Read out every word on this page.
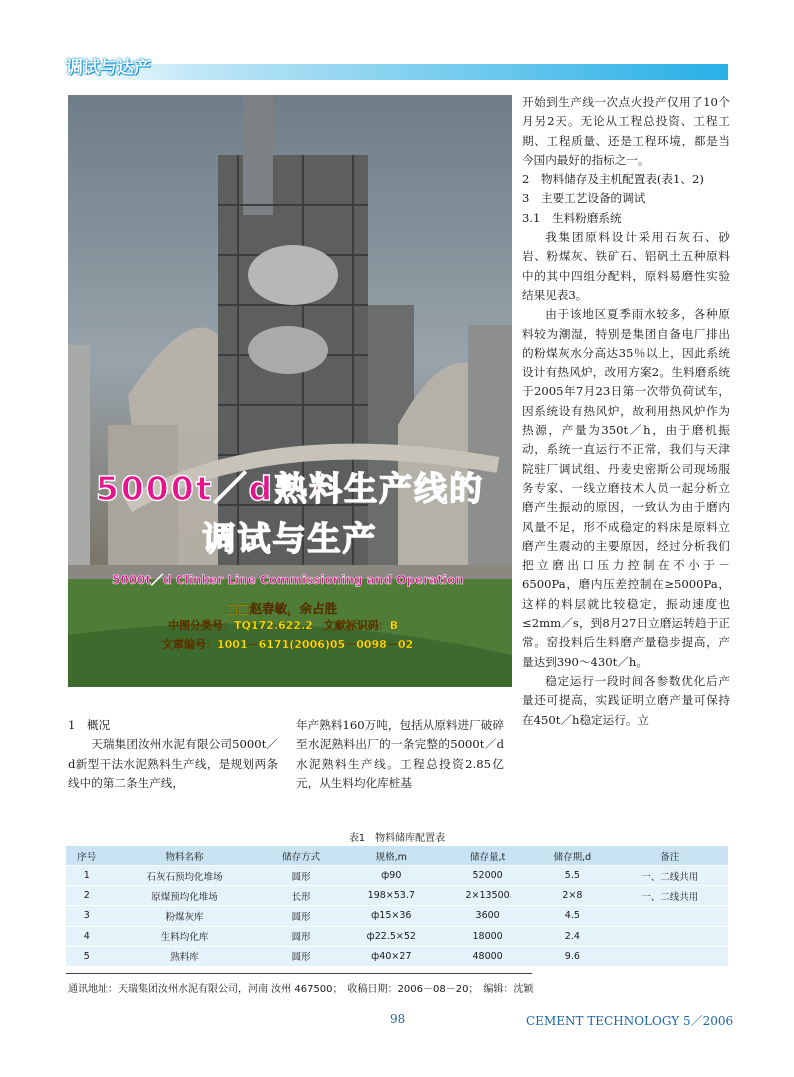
调试与达产
5000t／d熟料生产线的
调试与生产
5000t／d Clinker Line Commissioning and Operation
□□赵春敏，余占胜
中图分类号：TQ172.622.2　文献标识码：B
文章编号：1001－6171(2006)05－0098－02

开始到生产线一次点火投产仅用了10个月另2天。无论从工程总投资、工程工期、工程质量、还是工程环境，都是当今国内最好的指标之一。

2　物料储存及主机配置表(表1、2)

3　主要工艺设备的调试

3.1　生料粉磨系统

我集团原料设计采用石灰石、砂岩、粉煤灰、铁矿石、铝矾土五种原料中的其中四组分配料，原料易磨性实验结果见表3。

由于该地区夏季雨水较多，各种原料较为潮湿，特别是集团自备电厂排出的粉煤灰水分高达35％以上，因此系统设计有热风炉，改用方案2。生料磨系统于2005年7月23日第一次带负荷试车，因系统设有热风炉，故利用热风炉作为热源，产量为350t／h，由于磨机振动，系统一直运行不正常，我们与天津院驻厂调试组、丹麦史密斯公司现场服务专家、一线立磨技术人员一起分析立磨产生振动的原因，一致认为由于磨内风量不足，形不成稳定的料床是原料立磨产生震动的主要原因，经过分析我们把立磨出口压力控制在不小于－6500Pa，磨内压差控制在≥5000Pa，这样的料层就比较稳定，振动速度也≤2mm／s，到8月27日立磨运转趋于正常。窑投料后生料磨产量稳步提高，产量达到390～430t／h。

稳定运行一段时间各参数优化后产量还可提高，实践证明立磨产量可保持在450t／h稳定运行。立

1　概况

天瑞集团汝州水泥有限公司5000t／d新型干法水泥熟料生产线，是规划两条线中的第二条生产线，

年产熟料160万吨，包括从原料进厂破碎至水泥熟料出厂的一条完整的5000t／d水泥熟料生产线。工程总投资2.85亿元，从生料均化库桩基

表1　物料储库配置表
序号	物料名称	储存方式	规格,m	储存量,t	储存期,d	备注
1	石灰石预均化堆场	圆形	ф90	52000	5.5	一、二线共用
2	原煤预均化堆场	长形	198×53.7	2×13500	2×8	一、二线共用
3	粉煤灰库	圆形	ф15×36	3600	4.5	
4	生料均化库	圆形	ф22.5×52	18000	2.4	
5	熟料库	圆形	ф40×27	48000	9.6	
通讯地址：天瑞集团汝州水泥有限公司，河南 汝州 467500；　收稿日期：2006－08－20；　编辑：沈颖
98	CEMENT TECHNOLOGY 5／2006
